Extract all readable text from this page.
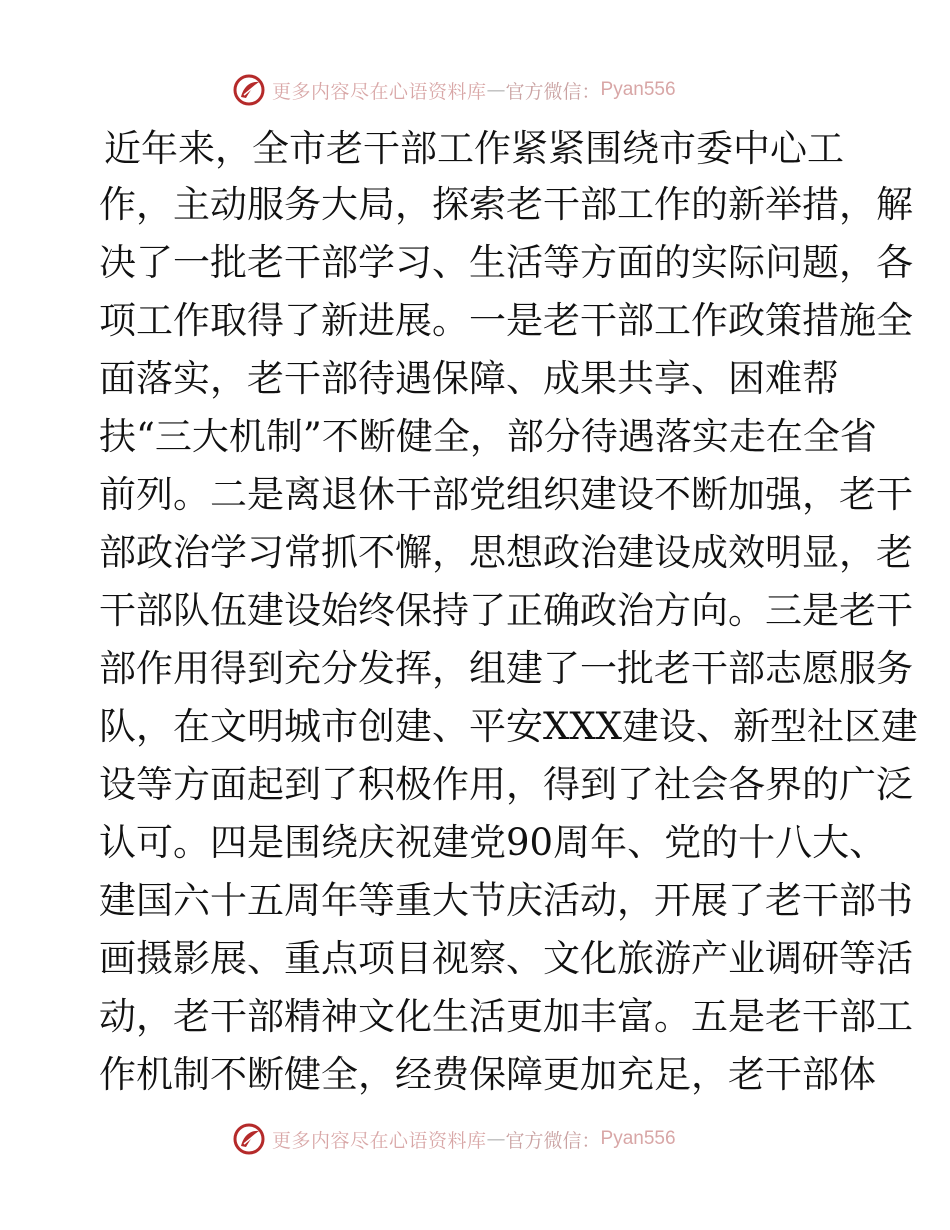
更多内容尽在心语资料库 — 官方微信： Pyan556
近年来，全市老干部工作紧紧围绕市委中心工
作，主动服务大局，探索老干部工作的新举措，解
决了一批老干部学习、生活等方面的实际问题，各
项工作取得了新进展。一是老干部工作政策措施全
面落实，老干部待遇保障、成果共享、困难帮
扶“三大机制”不断健全，部分待遇落实走在全省
前列。二是离退休干部党组织建设不断加强，老干
部政治学习常抓不懈，思想政治建设成效明显，老
干部队伍建设始终保持了正确政治方向。三是老干
部作用得到充分发挥，组建了一批老干部志愿服务
队，在文明城市创建、平安XXX建设、新型社区建
设等方面起到了积极作用，得到了社会各界的广泛
认可。四是围绕庆祝建党90周年、党的十八大、
建国六十五周年等重大节庆活动，开展了老干部书
画摄影展、重点项目视察、文化旅游产业调研等活
动，老干部精神文化生活更加丰富。五是老干部工
作机制不断健全，经费保障更加充足，老干部体
更多内容尽在心语资料库 — 官方微信： Pyan556
